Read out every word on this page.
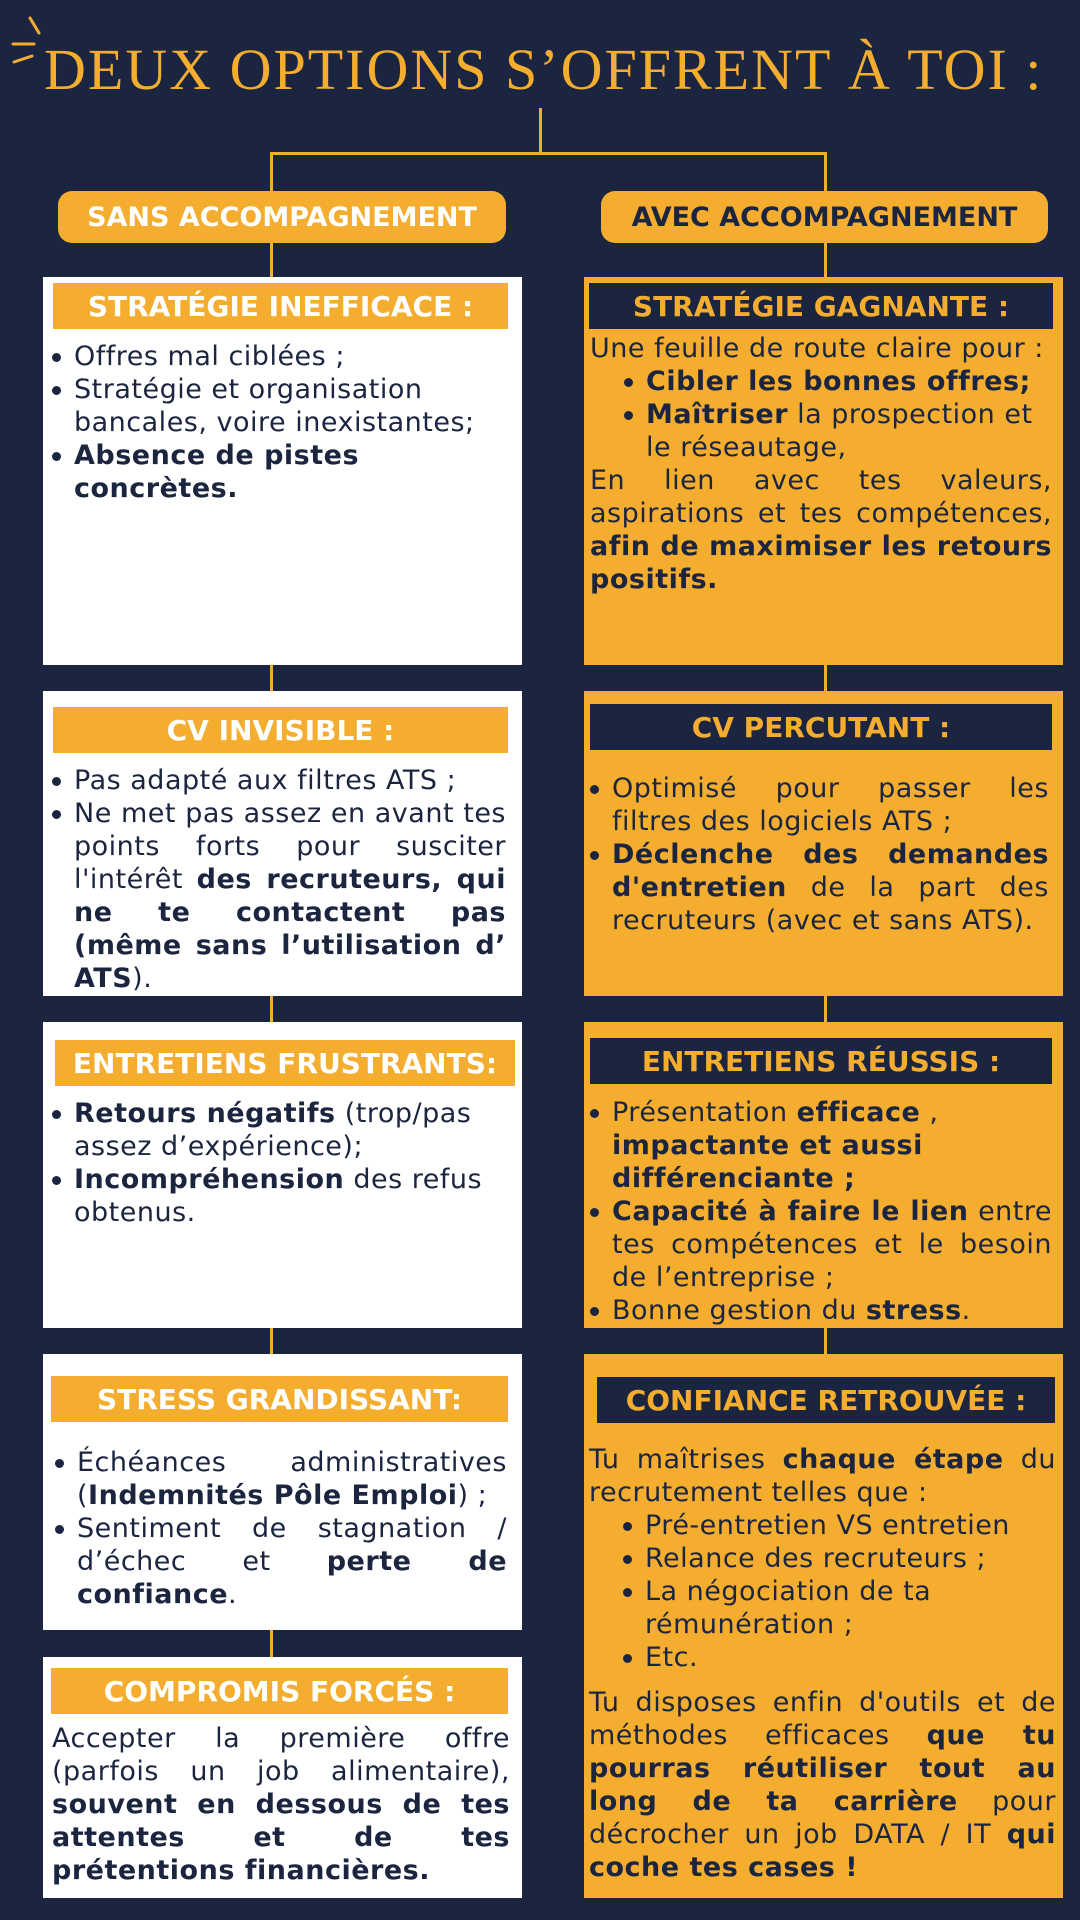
DEUX OPTIONS S’OFFRENT À TOI :
SANS ACCOMPAGNEMENT	AVEC ACCOMPAGNEMENT
STRATÉGIE INEFFICACE :
Offres mal ciblées ;
Stratégie et organisation bancales, voire inexistantes;
Absence de pistes concrètes.
CV INVISIBLE :
Pas adapté aux filtres ATS ;
Ne met pas assez en avant tes points forts pour susciter l'intérêt des recruteurs, qui ne te contactent pas (même sans l’utilisation d’ ATS).
ENTRETIENS FRUSTRANTS:
Retours négatifs (trop/pas assez d’expérience);
Incompréhension des refus obtenus.
STRESS GRANDISSANT:
Échéances administratives (Indemnités Pôle Emploi) ;
Sentiment de stagnation / d’échec et perte de confiance.
COMPROMIS FORCÉS :

Accepter la première offre (parfois un job alimentaire), souvent en dessous de tes attentes et de tes prétentions financières.

STRATÉGIE GAGNANTE :

Une feuille de route claire pour :

Cibler les bonnes offres;
Maîtriser la prospection et le réseautage,

En lien avec tes valeurs, aspirations et tes compétences, afin de maximiser les retours positifs.

CV PERCUTANT :
Optimisé pour passer les filtres des logiciels ATS ;
Déclenche des demandes d'entretien de la part des recruteurs (avec et sans ATS).
ENTRETIENS RÉUSSIS :
Présentation efficace , impactante et aussi différenciante ;
Capacité à faire le lien entre tes compétences et le besoin de l’entreprise ;
Bonne gestion du stress.
CONFIANCE RETROUVÉE :

Tu maîtrises chaque étape du recrutement telles que :

Pré-entretien VS entretien
Relance des recruteurs ;
La négociation de ta rémunération ;
Etc.

Tu disposes enfin d'outils et de méthodes efficaces que tu pourras réutiliser tout au long de ta carrière pour décrocher un job DATA / IT qui coche tes cases !
